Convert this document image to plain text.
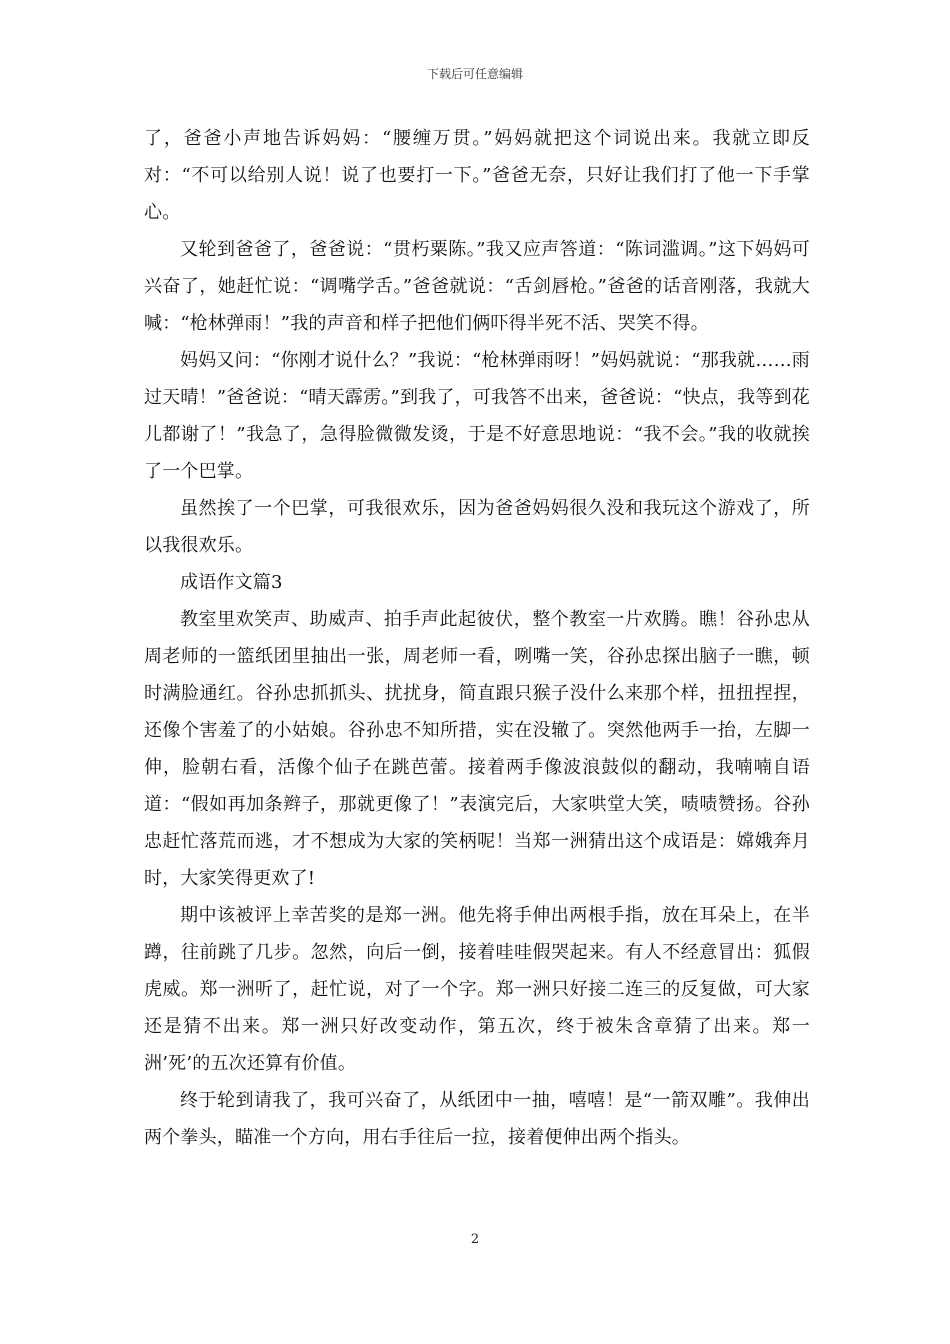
下载后可任意编辑

了，爸爸小声地告诉妈妈：“腰缠万贯。”妈妈就把这个词说出来。我就立即反对：“不可以给别人说！说了也要打一下。”爸爸无奈，只好让我们打了他一下手掌心。

又轮到爸爸了，爸爸说：“贯朽粟陈。”我又应声答道：“陈词滥调。”这下妈妈可兴奋了，她赶忙说：“调嘴学舌。”爸爸就说：“舌剑唇枪。”爸爸的话音刚落，我就大喊：“枪林弹雨！”我的声音和样子把他们俩吓得半死不活、哭笑不得。

妈妈又问：“你刚才说什么？”我说：“枪林弹雨呀！”妈妈就说：“那我就……雨过天晴！”爸爸说：“晴天霹雳。”到我了，可我答不出来，爸爸说：“快点，我等到花儿都谢了！”我急了，急得脸微微发烫，于是不好意思地说：“我不会。”我的收就挨了一个巴掌。

虽然挨了一个巴掌，可我很欢乐，因为爸爸妈妈很久没和我玩这个游戏了，所以我很欢乐。

成语作文篇3

教室里欢笑声、助威声、拍手声此起彼伏，整个教室一片欢腾。瞧！谷孙忠从周老师的一篮纸团里抽出一张，周老师一看，咧嘴一笑，谷孙忠探出脑子一瞧，顿时满脸通红。谷孙忠抓抓头、扰扰身，简直跟只猴子没什么来那个样，扭扭捏捏，还像个害羞了的小姑娘。谷孙忠不知所措，实在没辙了。突然他两手一抬，左脚一伸，脸朝右看，活像个仙子在跳芭蕾。接着两手像波浪鼓似的翻动，我喃喃自语道：“假如再加条辫子，那就更像了！”表演完后，大家哄堂大笑，啧啧赞扬。谷孙忠赶忙落荒而逃，才不想成为大家的笑柄呢！当郑一洲猜出这个成语是：嫦娥奔月时，大家笑得更欢了!

期中该被评上幸苦奖的是郑一洲。他先将手伸出两根手指，放在耳朵上，在半蹲，往前跳了几步。忽然，向后一倒，接着哇哇假哭起来。有人不经意冒出：狐假虎威。郑一洲听了，赶忙说，对了一个字。郑一洲只好接二连三的反复做，可大家还是猜不出来。郑一洲只好改变动作，第五次，终于被朱含章猜了出来。郑一洲’死’的五次还算有价值。

终于轮到请我了，我可兴奋了，从纸团中一抽，嘻嘻！是“一箭双雕”。我伸出两个拳头，瞄准一个方向，用右手往后一拉，接着便伸出两个指头。

2
